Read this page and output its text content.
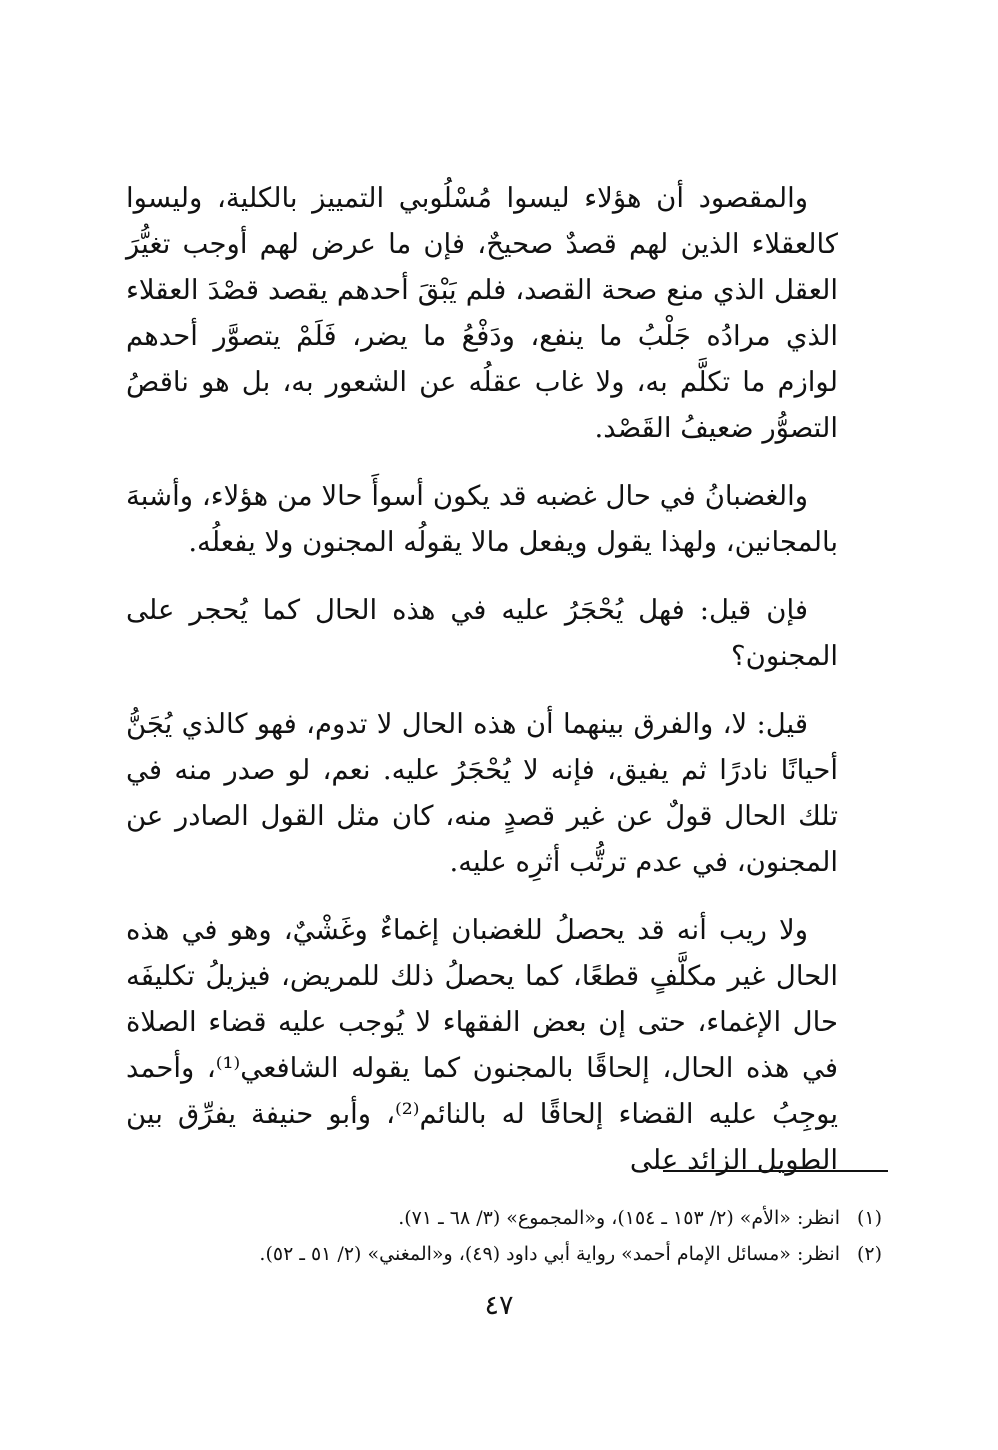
والمقصود أن هؤلاء ليسوا مُسْلُوبي التمييز بالكلية، وليسوا كالعقلاء الذين لهم قصدٌ صحيحٌ، فإن ما عرض لهم أوجب تغيُّرَ العقل الذي منع صحة القصد، فلم يَبْقَ أحدهم يقصد قصْدَ العقلاء الذي مرادُه جَلْبُ ما ينفع، ودَفْعُ ما يضر، فَلَمْ يتصوَّر أحدهم لوازم ما تكلَّم به، ولا غاب عقلُه عن الشعور به، بل هو ناقصُ التصوُّر ضعيفُ القَصْد.

والغضبانُ في حال غضبه قد يكون أسوأَ حالا من هؤلاء، وأشبهَ بالمجانين، ولهذا يقول ويفعل مالا يقولُه المجنون ولا يفعلُه.

فإن قيل: فهل يُحْجَرُ عليه في هذه الحال كما يُحجر على المجنون؟

قيل: لا، والفرق بينهما أن هذه الحال لا تدوم، فهو كالذي يُجَنُّ أحيانًا نادرًا ثم يفيق، فإنه لا يُحْجَرُ عليه. نعم، لو صدر منه في تلك الحال قولٌ عن غير قصدٍ منه، كان مثل القول الصادر عن المجنون، في عدم ترتُّب أثرِه عليه.

ولا ريب أنه قد يحصلُ للغضبان إغماءٌ وغَشْيٌ، وهو في هذه الحال غير مكلَّفٍ قطعًا، كما يحصلُ ذلك للمريض، فيزيلُ تكليفَه حال الإغماء، حتى إن بعض الفقهاء لا يُوجب عليه قضاء الصلاة في هذه الحال، إلحاقًا بالمجنون كما يقوله الشافعي⁽¹⁾، وأحمد يوجِبُ عليه القضاء إلحاقًا له بالنائم⁽²⁾، وأبو حنيفة يفرِّق بين الطويل الزائد على

(١)
انظر: «الأم» (٢/ ١٥٣ ـ ١٥٤)، و«المجموع» (٣/ ٦٨ ـ ٧١).
(٢)
انظر: «مسائل الإمام أحمد» رواية أبي داود (٤٩)، و«المغني» (٢/ ٥١ ـ ٥٢).
٤٧
